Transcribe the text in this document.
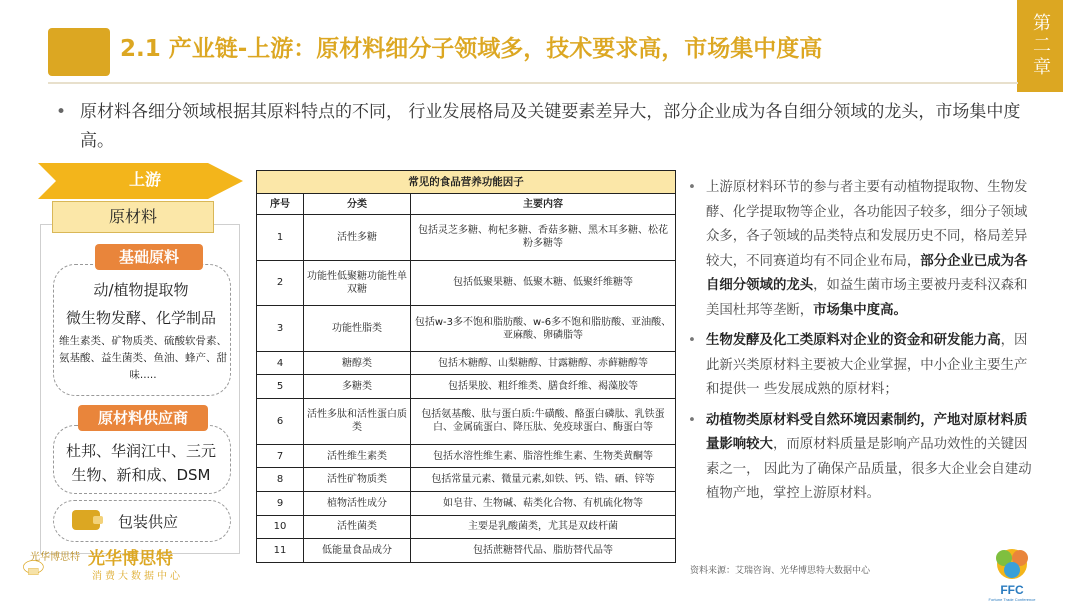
2.1 产业链-上游：原材料细分子领域多，技术要求高，市场集中度高	第二章
• 原材料各细分领域根据其原料特点的不同， 行业发展格局及关键要素差异大，部分企业成为各自细分领域的龙头，市场集中度高。
上游
原材料
基础原料
动/植物提取物
微生物发酵、化学制品
维生素类、矿物质类、硫酸软骨素、氨基酸、益生菌类、鱼油、蜂产、甜味.....
原材料供应商
杜邦、华润江中、三元
生物、新和成、DSM
包装供应
常见的食品营养功能因子		
序号	分类	主要内容
1	活性多糖	包括灵芝多糖、枸杞多糖、香菇多糖、黑木耳多糖、松花粉多糖等
2	功能性低聚糖功能性单双糖	包括低聚果糖、低聚木糖、低聚纤维糖等
3	功能性脂类	包括w-3多不饱和脂肪酸、w-6多不饱和脂肪酸、亚油酸、亚麻酸、卵磷脂等
4	糖醇类	包括木糖醇、山梨糖醇、甘露糖醇、赤藓糖醇等
5	多糖类	包括果胶、粗纤维类、膳食纤维、褐藻胶等
6	活性多肽和活性蛋白质类	包括氨基酸、肽与蛋白质:牛磺酸、酪蛋白磷肽、乳铁蛋白、金属硫蛋白、降压肽、免疫球蛋白、酶蛋白等
7	活性维生素类	包括水溶性维生素、脂溶性维生素、生物类黄酮等
8	活性矿物质类	包括常量元素、微量元素,如铁、钙、锆、硒、锌等
9	植物活性成分	如皂苷、生物碱、萜类化合物、有机硫化物等
10	活性菌类	主要是乳酸菌类，尤其是双歧杆菌
11	低能量食品成分	包括蔗糖替代品、脂肪替代品等
• 上游原材料环节的参与者主要有动植物提取物、生物发酵、化学提取物等企业，各功能因子较多，细分子领域众多，各子领域的品类特点和发展历史不同，格局差异较大，不同赛道均有不同企业布局，部分企业已成为各自细分领域的龙头，如益生菌市场主要被丹麦科汉森和美国杜邦等垄断，市场集中度高。
• 生物发酵及化工类原料对企业的资金和研发能力高，因此新兴类原材料主要被大企业掌握，中小企业主要生产和提供一 些发展成熟的原材料；
• 动植物类原材料受自然环境因素制约，产地对原材料质量影响较大，而原材料质量是影响产品功效性的关键因素之一， 因此为了确保产品质量，很多大企业会自建动植物产地，掌控上游原材料。
资料来源：艾瑞咨询、光华博思特大数据中心
光华博思特 光华博思特
消费大数据中心
FFC
Fortune Trade Conference
